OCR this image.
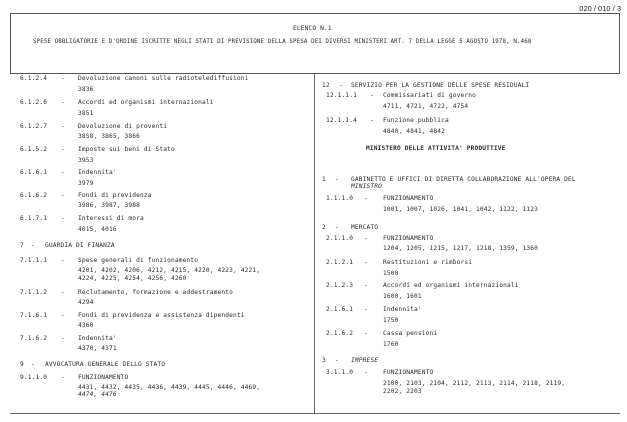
020 / 010 / 3
ELENCO N.1
SPESE OBBLIGATORIE E D'ORDINE ISCRITTE NEGLI STATI DI PREVISIONE DELLA SPESA DEI DIVERSI MINISTERI ART. 7 DELLA LEGGE 5 AGOSTO 1978, N.468
6.1.2.4 - Devoluzione canoni sulle radiotelediffusioni
3836
6.1.2.6 - Accordi ed organismi internazionali
3851
6.1.2.7 - Devoluzione di proventi
3858, 3865, 3866
6.1.5.2 - Imposte sui beni di Stato
3953
6.1.6.1 - Indennita'
3979
6.1.6.2 - Fondi di previdenza
3986, 3987, 3988
6.1.7.1 - Interessi di mora
4015, 4016
7 - GUARDIA DI FINANZA
7.1.1.1 - Spese generali di funzionamento
4201, 4202, 4206, 4212, 4215, 4220, 4223, 4221,
4224, 4225, 4254, 4256, 4260
7.1.1.2 - Reclutamento, formazione e addestramento
4294
7.1.6.1 - Fondi di previdenza e assistenza dipendenti
4360
7.1.6.2 - Indennita'
4370, 4371
9 - AVVOCATURA GENERALE DELLO STATO
9.1.1.0 - FUNZIONAMENTO
4431, 4432, 4435, 4436, 4439, 4445, 4446, 4469,
4474, 4476
12 - SERVIZIO PER LA GESTIONE DELLE SPESE RESIDUALI
12.1.1.1 - Commissariati di governo
4711, 4721, 4722, 4754
12.1.1.4 - Funzione pubblica
4840, 4841, 4842
MINISTERO DELLE ATTIVITA' PRODUTTIVE
1 - GABINETTO E UFFICI DI DIRETTA COLLABORAZIONE ALL'OPERA DEL
MINISTRO
1.1.1.0 - FUNZIONAMENTO
1001, 1007, 1026, 1041, 1042, 1122, 1123
2 - MERCATO
2.1.1.0 - FUNZIONAMENTO
1204, 1205, 1215, 1217, 1218, 1359, 1360
2.1.2.1 - Restituzioni e rimborsi
1500
2.1.2.3 - Accordi ed organismi internazionali
1600, 1601
2.1.6.1 - Indennita'
1750
2.1.6.2 - Cassa pensioni
1760
3 - IMPRESE
3.1.1.0 - FUNZIONAMENTO
2100, 2103, 2104, 2112, 2113, 2114, 2118, 2119,
2202, 2203
